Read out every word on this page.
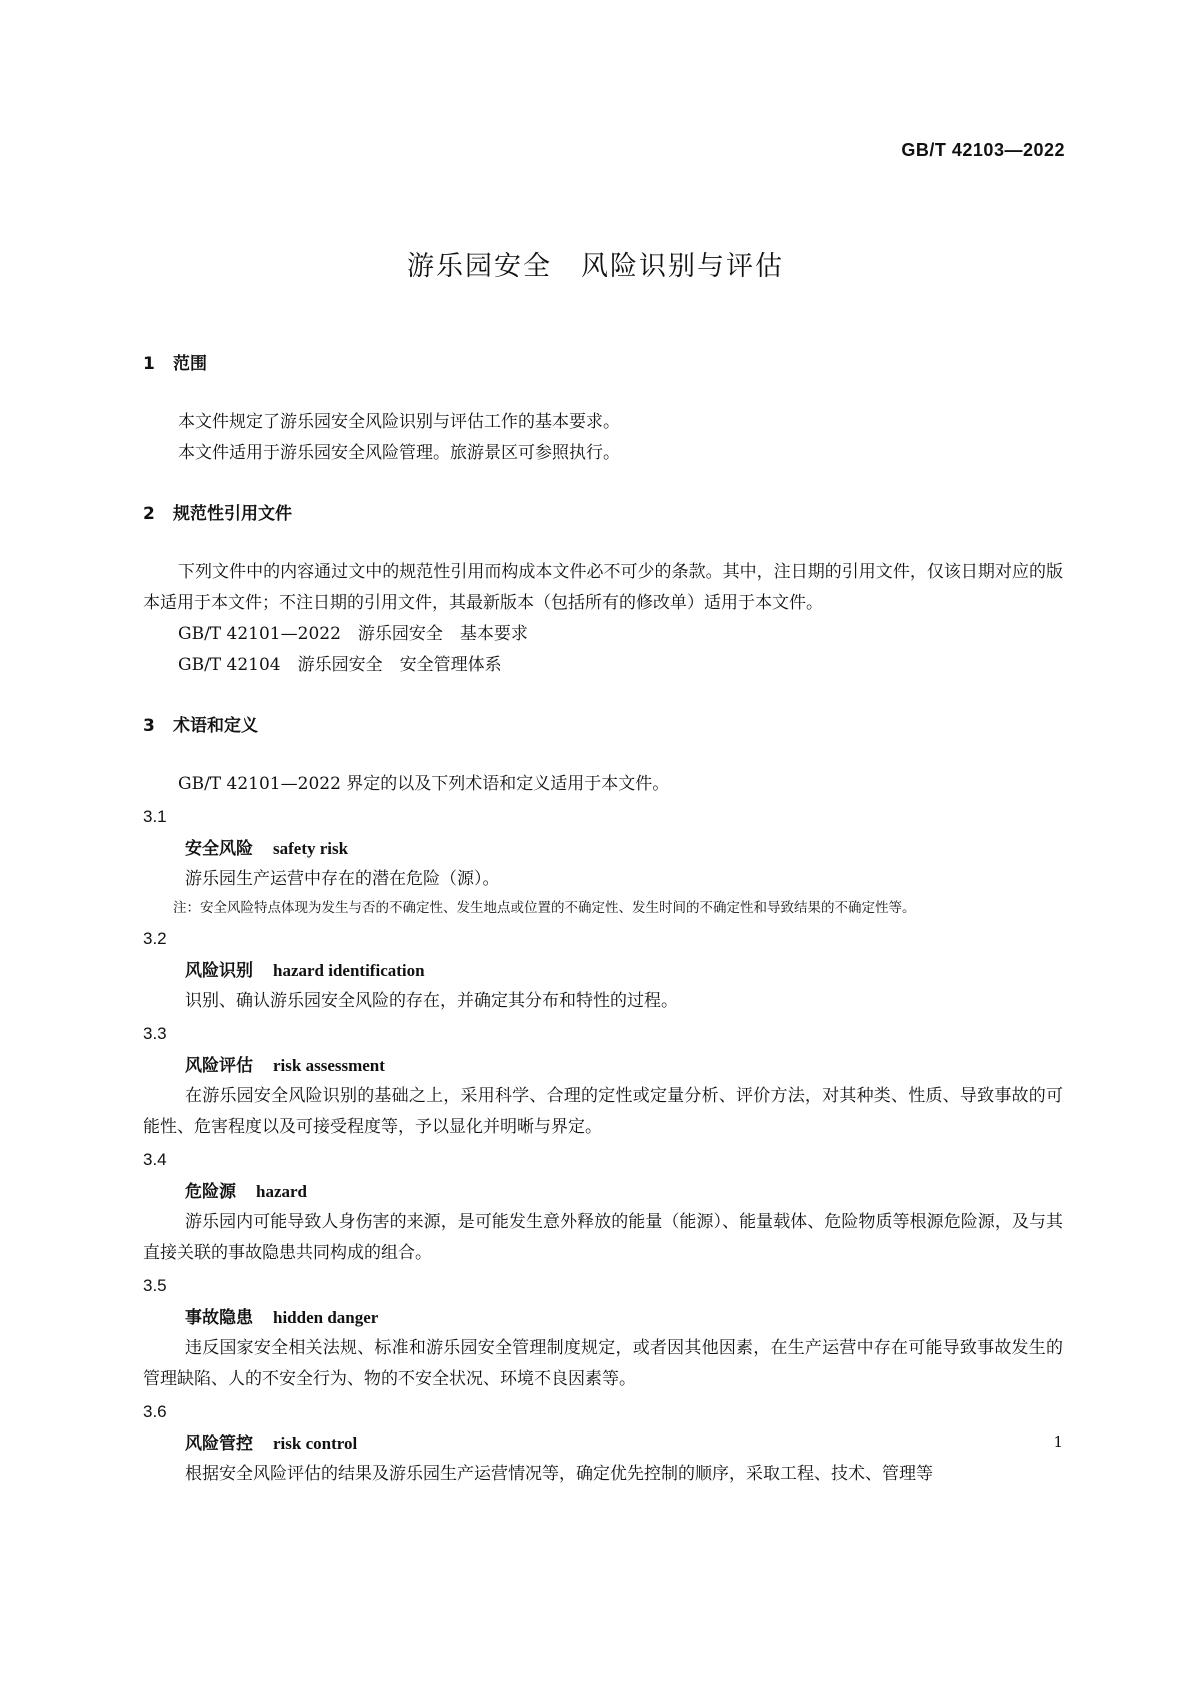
GB/T 42103—2022
游乐园安全　风险识别与评估
1 范围

本文件规定了游乐园安全风险识别与评估工作的基本要求。

本文件适用于游乐园安全风险管理。旅游景区可参照执行。

2 规范性引用文件

下列文件中的内容通过文中的规范性引用而构成本文件必不可少的条款。其中，注日期的引用文件，仅该日期对应的版本适用于本文件；不注日期的引用文件，其最新版本（包括所有的修改单）适用于本文件。

GB/T 42101—2022　游乐园安全　基本要求
GB/T 42104　游乐园安全　安全管理体系
3 术语和定义

GB/T 42101—2022 界定的以及下列术语和定义适用于本文件。

3.1
安全风险 safety risk

游乐园生产运营中存在的潜在危险（源）。

注：安全风险特点体现为发生与否的不确定性、发生地点或位置的不确定性、发生时间的不确定性和导致结果的不确定性等。
3.2
风险识别 hazard identification

识别、确认游乐园安全风险的存在，并确定其分布和特性的过程。

3.3
风险评估 risk assessment

在游乐园安全风险识别的基础之上，采用科学、合理的定性或定量分析、评价方法，对其种类、性质、导致事故的可能性、危害程度以及可接受程度等，予以显化并明晰与界定。

3.4
危险源 hazard

游乐园内可能导致人身伤害的来源，是可能发生意外释放的能量（能源）、能量载体、危险物质等根源危险源，及与其直接关联的事故隐患共同构成的组合。

3.5
事故隐患 hidden danger

违反国家安全相关法规、标准和游乐园安全管理制度规定，或者因其他因素，在生产运营中存在可能导致事故发生的管理缺陷、人的不安全行为、物的不安全状况、环境不良因素等。

3.6
风险管控 risk control

根据安全风险评估的结果及游乐园生产运营情况等，确定优先控制的顺序，采取工程、技术、管理等

1
